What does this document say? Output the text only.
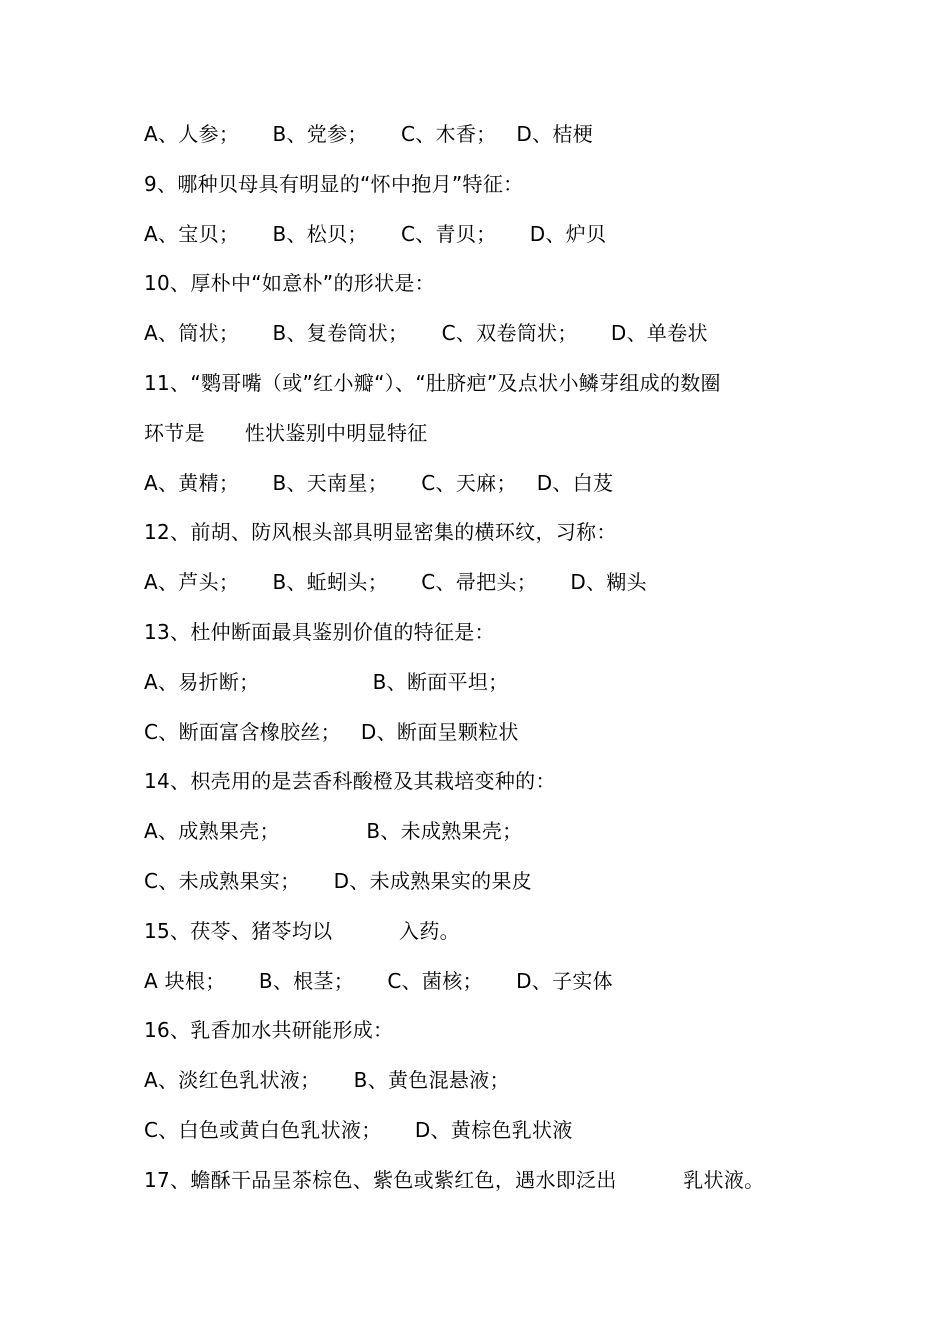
A、人参；     B、党参；     C、木香；   D、桔梗
9、哪种贝母具有明显的“怀中抱月”特征：
A、宝贝；     B、松贝；     C、青贝；     D、炉贝
10、厚朴中“如意朴”的形状是：
A、筒状；     B、复卷筒状；     C、双卷筒状；     D、单卷状
11、“鹦哥嘴（或”红小瓣“）、“肚脐疤”及点状小鳞芽组成的数圈
环节是      性状鉴别中明显特征
A、黄精；     B、天南星；     C、天麻；   D、白芨
12、前胡、防风根头部具明显密集的横环纹，习称：
A、芦头；     B、蚯蚓头；     C、帚把头；     D、糊头
13、杜仲断面最具鉴别价值的特征是：
A、易折断；                 B、断面平坦；
C、断面富含橡胶丝；   D、断面呈颗粒状
14、枳壳用的是芸香科酸橙及其栽培变种的：
A、成熟果壳；             B、未成熟果壳；
C、未成熟果实；     D、未成熟果实的果皮
15、茯苓、猪苓均以          入药。
A 块根；     B、根茎；     C、菌核；     D、子实体
16、乳香加水共研能形成：
A、淡红色乳状液；     B、黄色混悬液；
C、白色或黄白色乳状液；     D、黄棕色乳状液
17、蟾酥干品呈茶棕色、紫色或紫红色，遇水即泛出          乳状液。
